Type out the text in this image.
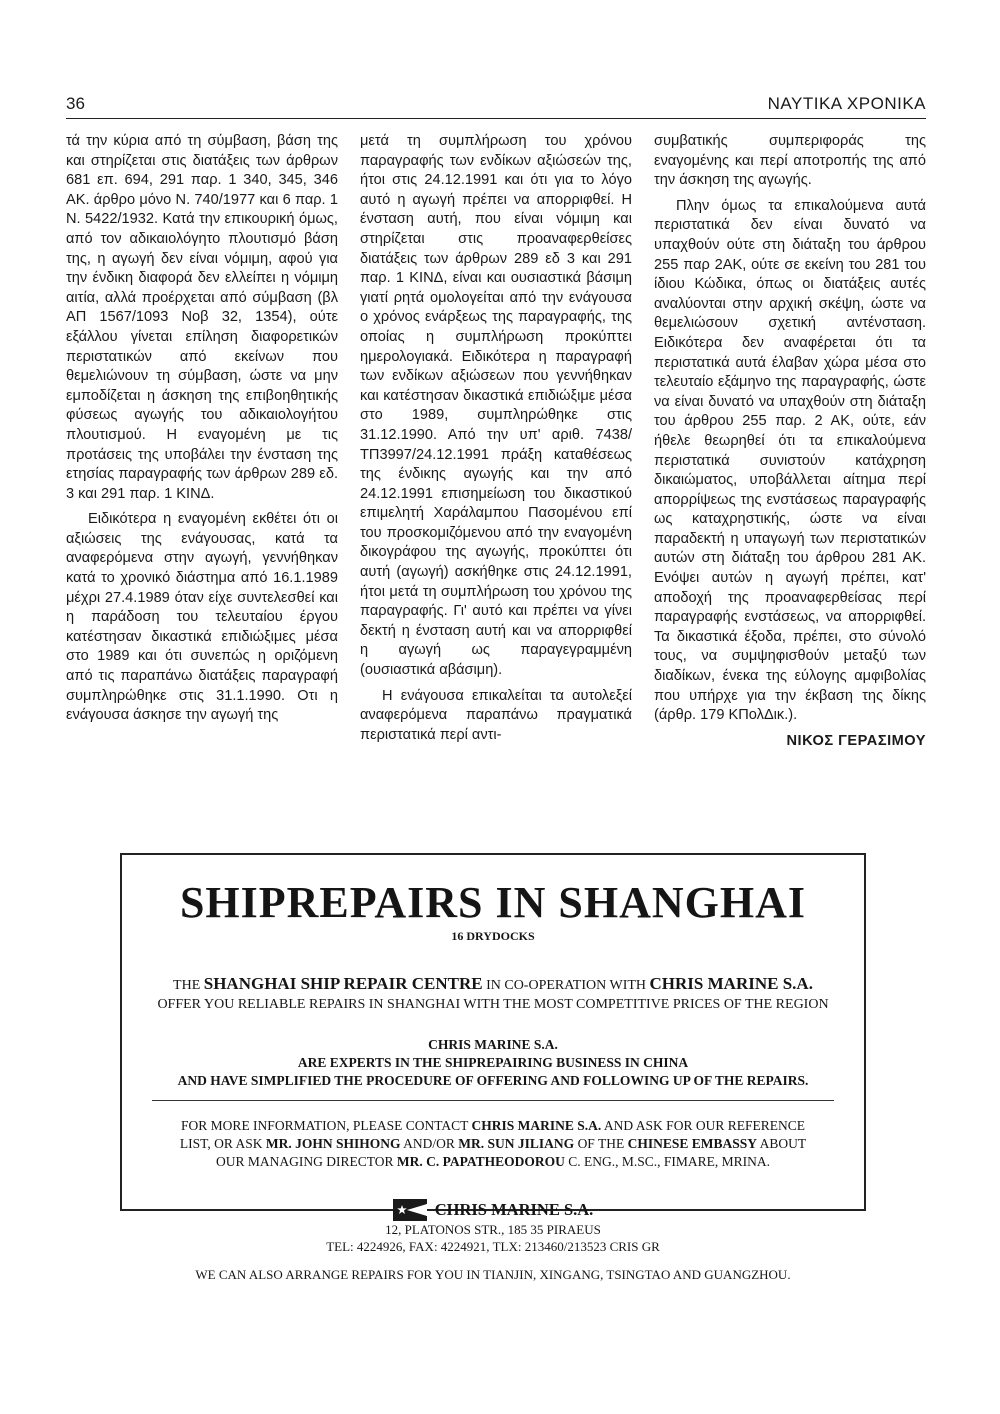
36	ΝΑΥΤΙΚΑ ΧΡΟΝΙΚΑ

τά την κύρια από τη σύμβαση, βάση της και στηρίζεται στις διατάξεις των άρθρων 681 επ. 694, 291 παρ. 1 340, 345, 346 ΑΚ. άρθρο μόνο Ν. 740/1977 και 6 παρ. 1 Ν. 5422/1932. Κατά την επικουρική όμως, από τον αδικαιολόγητο πλουτισμό βάση της, η αγωγή δεν είναι νόμιμη, αφού για την ένδικη διαφορά δεν ελλείπει η νόμιμη αιτία, αλλά προέρχεται από σύμβαση (βλ ΑΠ 1567/1093 Νοβ 32, 1354), ούτε εξάλλου γίνεται επίληση διαφορετικών περιστατικών από εκείνων που θεμελιώνουν τη σύμβαση, ώστε να μην εμποδίζεται η άσκηση της επιβοηθητικής φύσεως αγωγής του αδικαιολογήτου πλουτισμού. Η εναγομένη με τις προτάσεις της υποβάλει την ένσταση της ετησίας παραγραφής των άρθρων 289 εδ. 3 και 291 παρ. 1 ΚΙΝΔ.

Ειδικότερα η εναγομένη εκθέτει ότι οι αξιώσεις της ενάγουσας, κατά τα αναφερόμενα στην αγωγή, γεννήθηκαν κατά το χρονικό διάστημα από 16.1.1989 μέχρι 27.4.1989 όταν είχε συντελεσθεί και η παράδοση του τελευταίου έργου κατέστησαν δικαστικά επιδιώξιμες μέσα στο 1989 και ότι συνεπώς η οριζόμενη από τις παραπάνω διατάξεις παραγραφή συμπληρώθηκε στις 31.1.1990. Οτι η ενάγουσα άσκησε την αγωγή της

μετά τη συμπλήρωση του χρόνου παραγραφής των ενδίκων αξιώσεών της, ήτοι στις 24.12.1991 και ότι για το λόγο αυτό η αγωγή πρέπει να απορριφθεί. Η ένσταση αυτή, που είναι νόμιμη και στηρίζεται στις προαναφερθείσες διατάξεις των άρθρων 289 εδ 3 και 291 παρ. 1 ΚΙΝΔ, είναι και ουσιαστικά βάσιμη γιατί ρητά ομολογείται από την ενάγουσα ο χρόνος ενάρξεως της παραγραφής, της οποίας η συμπλήρωση προκύπτει ημερολογιακά. Ειδικότερα η παραγραφή των ενδίκων αξιώσεων που γεννήθηκαν και κατέστησαν δικαστικά επιδιώξιμε μέσα στο 1989, συμπληρώθηκε στις 31.12.1990. Από την υπ' αριθ. 7438/ΤΠ3997/24.12.1991 πράξη καταθέσεως της ένδικης αγωγής και την από 24.12.1991 επισημείωση του δικαστικού επιμελητή Χαράλαμπου Πασομένου επί του προσκομιζόμενου από την εναγομένη δικογράφου της αγωγής, προκύπτει ότι αυτή (αγωγή) ασκήθηκε στις 24.12.1991, ήτοι μετά τη συμπλήρωση του χρόνου της παραγραφής. Γι' αυτό και πρέπει να γίνει δεκτή η ένσταση αυτή και να απορριφθεί η αγωγή ως παραγεγραμμένη (ουσιαστικά αβάσιμη).

Η ενάγουσα επικαλείται τα αυτολεξεί αναφερόμενα παραπάνω πραγματικά περιστατικά περί αντι-

συμβατικής συμπεριφοράς της εναγομένης και περί αποτροπής της από την άσκηση της αγωγής.

Πλην όμως τα επικαλούμενα αυτά περιστατικά δεν είναι δυνατό να υπαχθούν ούτε στη διάταξη του άρθρου 255 παρ 2ΑΚ, ούτε σε εκείνη του 281 του ίδιου Κώδικα, όπως οι διατάξεις αυτές αναλύονται στην αρχική σκέψη, ώστε να θεμελιώσουν σχετική αντένσταση. Ειδικότερα δεν αναφέρεται ότι τα περιστατικά αυτά έλαβαν χώρα μέσα στο τελευταίο εξάμηνο της παραγραφής, ώστε να είναι δυνατό να υπαχθούν στη διάταξη του άρθρου 255 παρ. 2 ΑΚ, ούτε, εάν ήθελε θεωρηθεί ότι τα επικαλούμενα περιστατικά συνιστούν κατάχρηση δικαιώματος, υποβάλλεται αίτημα περί απορρίψεως της ενστάσεως παραγραφής ως καταχρηστικής, ώστε να είναι παραδεκτή η υπαγωγή των περιστατικών αυτών στη διάταξη του άρθρου 281 ΑΚ. Ενόψει αυτών η αγωγή πρέπει, κατ' αποδοχή της προαναφερθείσας περί παραγραφής ενστάσεως, να απορριφθεί. Τα δικαστικά έξοδα, πρέπει, στο σύνολό τους, να συμψηφισθούν μεταξύ των διαδίκων, ένεκα της εύλογης αμφιβολίας που υπήρχε για την έκβαση της δίκης (άρθρ. 179 ΚΠολΔικ.).

ΝΙΚΟΣ ΓΕΡΑΣΙΜΟΥ
SHIPREPAIRS IN SHANGHAI
16 DRYDOCKS
THE SHANGHAI SHIP REPAIR CENTRE IN CO-OPERATION WITH CHRIS MARINE S.A.
OFFER YOU RELIABLE REPAIRS IN SHANGHAI WITH THE MOST COMPETITIVE PRICES OF THE REGION
CHRIS MARINE S.A.
ARE EXPERTS IN THE SHIPREPAIRING BUSINESS IN CHINA
AND HAVE SIMPLIFIED THE PROCEDURE OF OFFERING AND FOLLOWING UP OF THE REPAIRS.
FOR MORE INFORMATION, PLEASE CONTACT CHRIS MARINE S.A. AND ASK FOR OUR REFERENCE
LIST, OR ASK MR. JOHN SHIHONG AND/OR MR. SUN JILIANG OF THE CHINESE EMBASSY ABOUT
OUR MANAGING DIRECTOR MR. C. PAPATHEODOROU C. ENG., M.SC., FIMARE, MRINA.
CHRIS MARINE S.A.
12, PLATONOS STR., 185 35 PIRAEUS
TEL: 4224926, FAX: 4224921, TLX: 213460/213523 CRIS GR
WE CAN ALSO ARRANGE REPAIRS FOR YOU IN TIANJIN, XINGANG, TSINGTAO AND GUANGZHOU.
